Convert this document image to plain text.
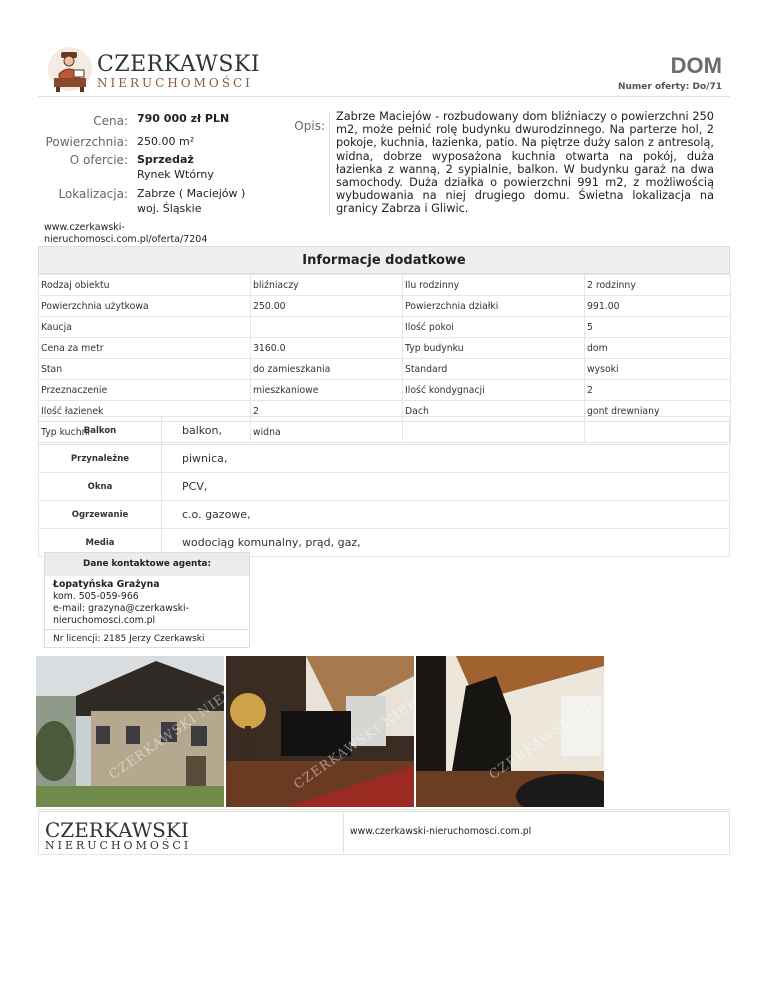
CZERKAWSKI
NIERUCHOMOŚCI
DOM
Numer oferty: Do/71
Cena: 790 000 zł PLN
Powierzchnia: 250.00 m²
O ofercie: Sprzedaż
Rynek Wtórny
Lokalizacja: Zabrze ( Maciejów )
woj. Śląskie
Opis:
Zabrze Maciejów - rozbudowany dom bliźniaczy o powierzchni 250 m2, może pełnić rolę budynku dwurodzinnego. Na parterze hol, 2 pokoje, kuchnia, łazienka, patio. Na piętrze duży salon z antresolą, widna, dobrze wyposażona kuchnia otwarta na pokój, duża łazienka z wanną, 2 sypialnie, balkon. W budynku garaż na dwa samochody. Duża działka o powierzchni 991 m2, z możliwością wybudowania na niej drugiego domu. Świetna lokalizacja na granicy Zabrza i Gliwic.
www.czerkawski-
nieruchomosci.com.pl/oferta/7204
Informacje dodatkowe
Rodzaj obiektu	bliźniaczy	Ilu rodzinny	2 rodzinny
Powierzchnia użytkowa	250.00	Powierzchnia działki	991.00
Kaucja		Ilość pokoi	5
Cena za metr	3160.0	Typ budynku	dom
Stan	do zamieszkania	Standard	wysoki
Przeznaczenie	mieszkaniowe	Ilość kondygnacji	2
Ilość łazienek	2	Dach	gont drewniany
Typ kuchni	widna		
Balkon	balkon,
Przynależne	piwnica,
Okna	PCV,
Ogrzewanie	c.o. gazowe,
Media	wodociąg komunalny, prąd, gaz,
Dane kontaktowe agenta:
Łopatyńska Grażyna
kom. 505-059-966
e-mail: grazyna@czerkawski-
nieruchomosci.com.pl
Nr licencji: 2185 Jerzy Czerkawski
CZERKAWSKI
CZERKAWSKI
NIERUCHOMOŚCI
www.czerkawski-nieruchomosci.com.pl
